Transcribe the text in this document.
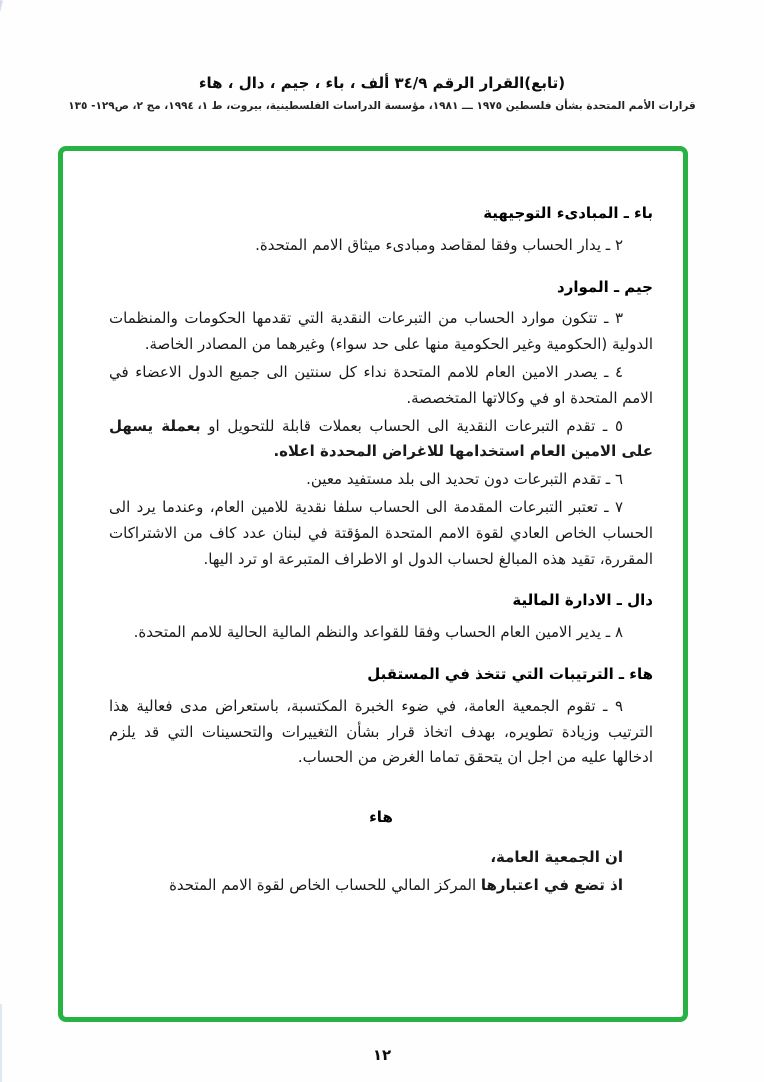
(تابع)القرار الرقم ٣٤/٩ ألف ، باء ، جيم ، دال ، هاء
قرارات الأمم المتحدة بشأن فلسطين ١٩٧٥ ـــ ١٩٨١، مؤسسة الدراسات الفلسطينية، بيروت، ط ١، ١٩٩٤، مج ٢، ص١٢٩- ١٣٥
باء ـ المبادىء التوجيهية

٢ ـ يدار الحساب وفقا لمقاصد ومبادىء ميثاق الامم المتحدة.

جيم ـ الموارد

٣ ـ تتكون موارد الحساب من التبرعات النقدية التي تقدمها الحكومات والمنظمات الدولية (الحكومية وغير الحكومية منها على حد سواء) وغيرهما من المصادر الخاصة.

٤ ـ يصدر الامين العام للامم المتحدة نداء كل سنتين الى جميع الدول الاعضاء في الامم المتحدة او في وكالاتها المتخصصة.

٥ ـ تقدم التبرعات النقدية الى الحساب بعملات قابلة للتحويل او بعملة يسهل على الامين العام استخدامها للاغراض المحددة اعلاه.

٦ ـ تقدم التبرعات دون تحديد الى بلد مستفيد معين.

٧ ـ تعتبر التبرعات المقدمة الى الحساب سلفا نقدية للامين العام، وعندما يرد الى الحساب الخاص العادي لقوة الامم المتحدة المؤقتة في لبنان عدد كاف من الاشتراكات المقررة، تقيد هذه المبالغ لحساب الدول او الاطراف المتبرعة او ترد اليها.

دال ـ الادارة المالية

٨ ـ يدير الامين العام الحساب وفقا للقواعد والنظم المالية الحالية للامم المتحدة.

هاء ـ الترتيبات التي تتخذ في المستقبل

٩ ـ تقوم الجمعية العامة، في ضوء الخبرة المكتسبة، باستعراض مدى فعالية هذا الترتيب وزيادة تطويره، بهدف اتخاذ قرار بشأن التغييرات والتحسينات التي قد يلزم ادخالها عليه من اجل ان يتحقق تماما الغرض من الحساب.

هاء

ان الجمعية العامة،

اذ تضع في اعتبارها المركز المالي للحساب الخاص لقوة الامم المتحدة

١٢
